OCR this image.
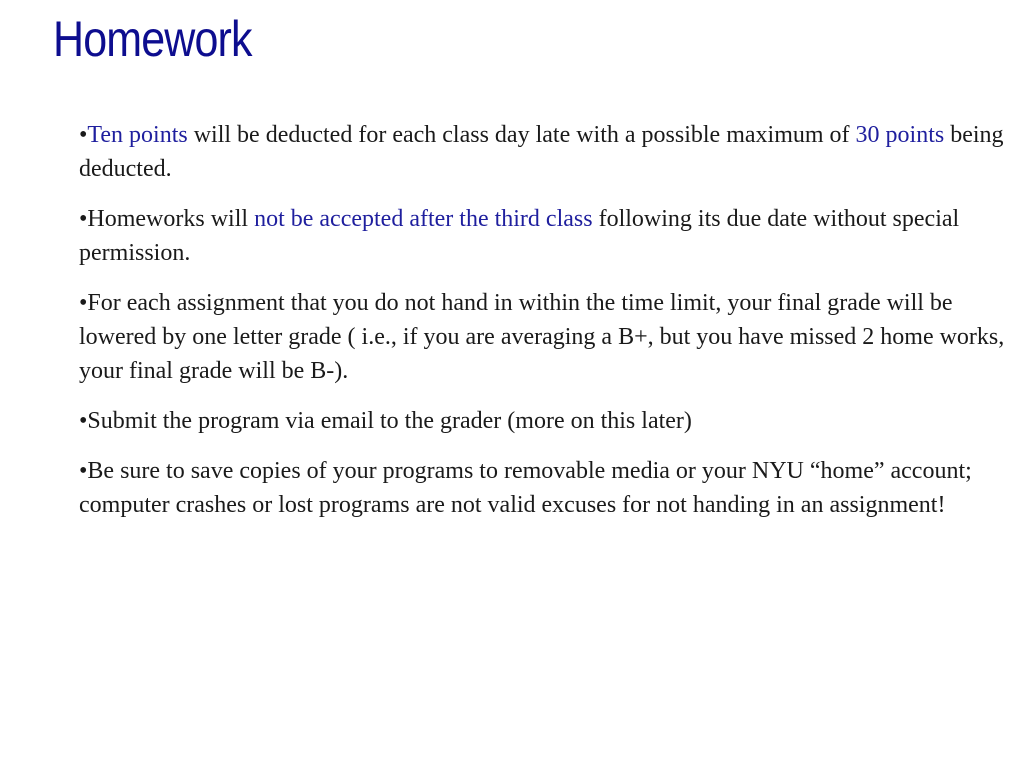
Homework
•Ten points will be deducted for each class day late with a possible maximum of 30 points being deducted.
•Homeworks will not be accepted after the third class following its due date without special permission.
•For each assignment that you do not hand in within the time limit, your final grade will be lowered by one letter grade ( i.e., if you are averaging a B+, but you have missed 2 home works, your final grade will be B-).
•Submit the program via email to the grader (more on this later)
•Be sure to save copies of your programs to removable media or your NYU “home” account; computer crashes or lost programs are not valid excuses for not handing in an assignment!
